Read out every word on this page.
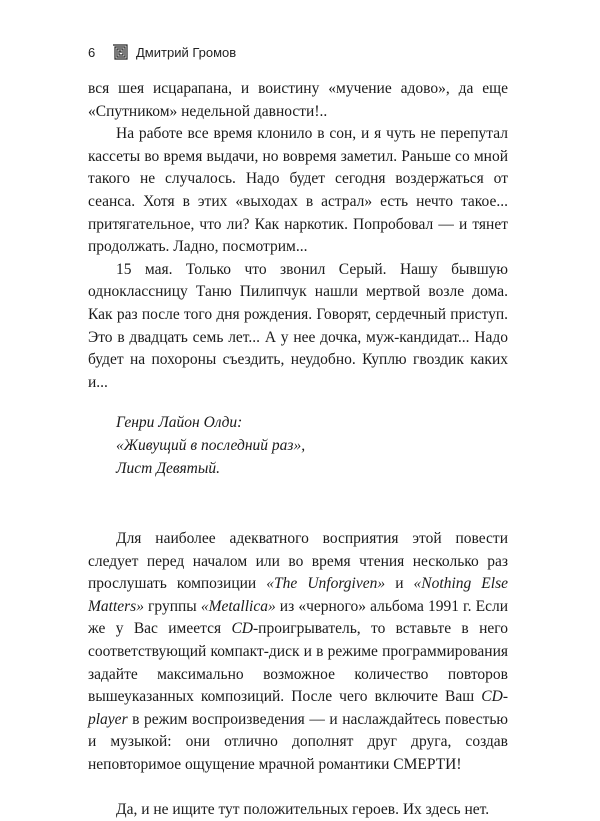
6	Дмитрий Громов

вся шея исцарапана, и воистину «мучение адово», да еще «Спутником» недельной давности!..

На работе все время клонило в сон, и я чуть не перепутал кассеты во время выдачи, но вовремя заметил. Раньше со мной такого не случалось. Надо будет сегодня воздержаться от сеанса. Хотя в этих «выходах в астрал» есть нечто такое... притягательное, что ли? Как наркотик. Попробовал — и тянет продолжать. Ладно, посмотрим...

15 мая. Только что звонил Серый. Нашу бывшую одноклассницу Таню Пилипчук нашли мертвой возле дома. Как раз после того дня рождения. Говорят, сердечный приступ. Это в двадцать семь лет... А у нее дочка, муж-кандидат... Надо будет на похороны съездить, неудобно. Куплю гвоздик каких и...

Генри Лайон Олди:
«Живущий в последний раз»,
Лист Девятый.

Для наиболее адекватного восприятия этой повести следует перед началом или во время чтения несколько раз прослушать композиции «The Unforgiven» и «Nothing Else Matters» группы «Metallica» из «черного» альбома 1991 г. Если же у Вас имеется CD-проигрыватель, то вставьте в него соответствующий компакт-диск и в режиме программирования задайте максимально возможное количество повторов вышеуказанных композиций. После чего включите Ваш CD-player в режим воспроизведения — и наслаждайтесь повестью и музыкой: они отлично дополнят друг друга, создав неповторимое ощущение мрачной романтики СМЕРТИ!

Да, и не ищите тут положительных героев. Их здесь нет.
